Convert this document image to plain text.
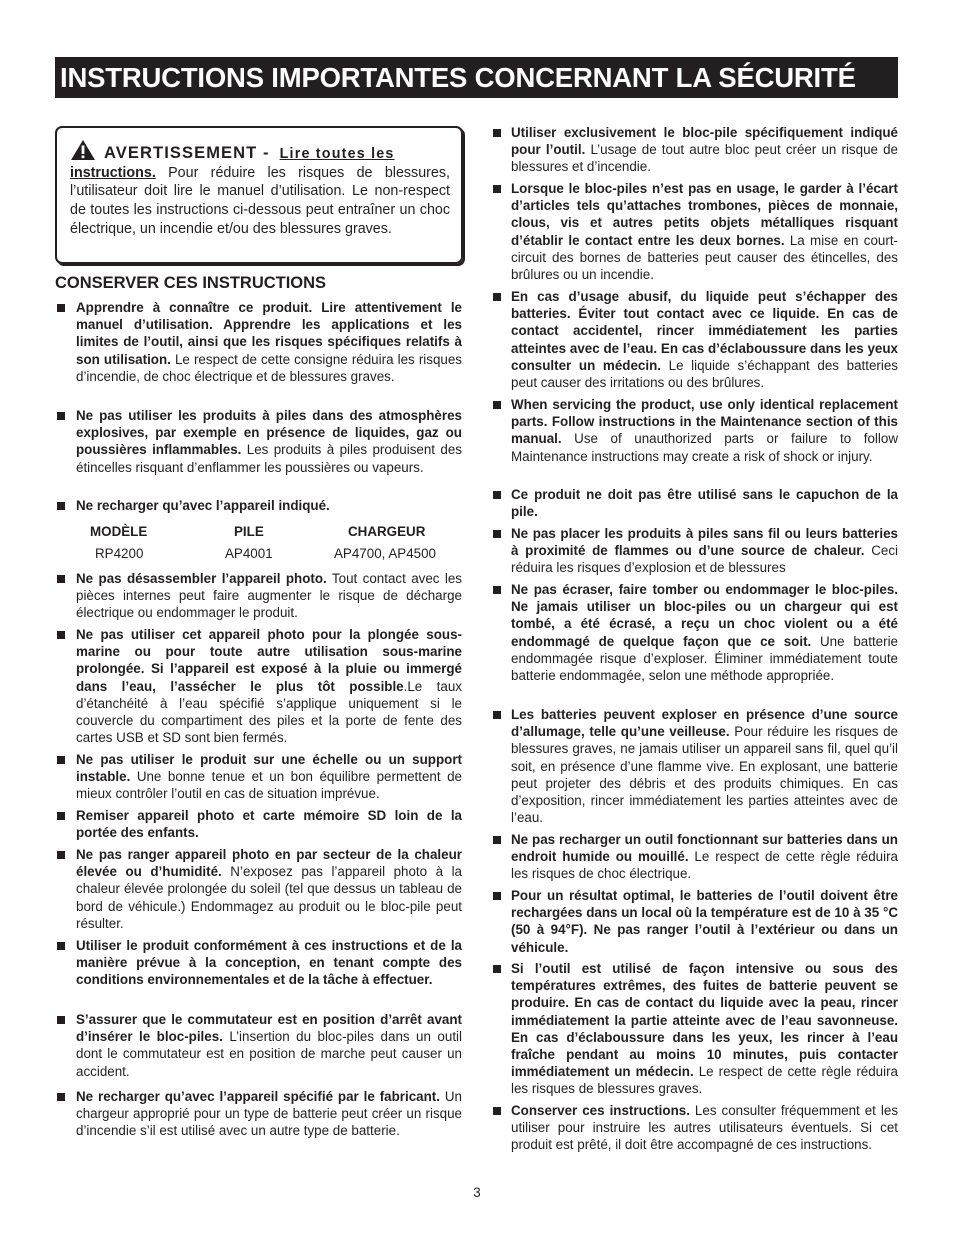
INSTRUCTIONS IMPORTANTES CONCERNANT LA SÉCURITÉ
AVERTISSEMENT - Lire toutes les
instructions. Pour réduire les risques de blessures, l’utilisateur doit lire le manuel d’utilisation. Le non-respect de toutes les instructions ci-dessous peut entraîner un choc électrique, un incendie et/ou des blessures graves.
CONSERVER CES INSTRUCTIONS
Apprendre à connaître ce produit. Lire attentivement le manuel d’utilisation. Apprendre les applications et les limites de l’outil, ainsi que les risques spécifiques relatifs à son utilisation. Le respect de cette consigne réduira les risques d’incendie, de choc électrique et de blessures graves.
Ne pas utiliser les produits à piles dans des atmosphères explosives, par exemple en présence de liquides, gaz ou poussières inflammables. Les produits à piles produisent des étincelles risquant d’enflammer les poussières ou vapeurs.
Ne recharger qu’avec l’appareil indiqué.
Ne pas désassembler l’appareil photo. Tout contact avec les pièces internes peut faire augmenter le risque de décharge électrique ou endommager le produit.
Ne pas utiliser cet appareil photo pour la plongée sous-marine ou pour toute autre utilisation sous-marine prolongée. Si l’appareil est exposé à la pluie ou immergé dans l’eau, l’assécher le plus tôt possible.Le taux d’étanchéité à l’eau spécifié s’applique uniquement si le couvercle du compartiment des piles et la porte de fente des cartes USB et SD sont bien fermés.
Ne pas utiliser le produit sur une échelle ou un support instable. Une bonne tenue et un bon équilibre permettent de mieux contrôler l’outil en cas de situation imprévue.
Remiser appareil photo et carte mémoire SD loin de la portée des enfants.
Ne pas ranger appareil photo en par secteur de la chaleur élevée ou d’humidité. N’exposez pas l’appareil photo à la chaleur élevée prolongée du soleil (tel que dessus un tableau de bord de véhicule.) Endommagez au produit ou le bloc-pile peut résulter.
Utiliser le produit conformément à ces instructions et de la manière prévue à la conception, en tenant compte des conditions environnementales et de la tâche à effectuer.
S’assurer que le commutateur est en position d’arrêt avant d’insérer le bloc-piles. L’insertion du bloc-piles dans un outil dont le commutateur est en position de marche peut causer un accident.
Ne recharger qu’avec l’appareil spécifié par le fabricant. Un chargeur approprié pour un type de batterie peut créer un risque d’incendie s’il est utilisé avec un autre type de batterie.
MODÈLE	PILE	CHARGEUR
RP4200	AP4001	AP4700, AP4500
Utiliser exclusivement le bloc-pile spécifiquement indiqué pour l’outil. L’usage de tout autre bloc peut créer un risque de blessures et d’incendie.
Lorsque le bloc-piles n’est pas en usage, le garder à l’écart d’articles tels qu’attaches trombones, pièces de monnaie, clous, vis et autres petits objets métalliques risquant d’établir le contact entre les deux bornes. La mise en court-circuit des bornes de batteries peut causer des étincelles, des brûlures ou un incendie.
En cas d’usage abusif, du liquide peut s’échapper des batteries. Éviter tout contact avec ce liquide. En cas de contact accidentel, rincer immédiatement les parties atteintes avec de l’eau. En cas d’éclaboussure dans les yeux consulter un médecin. Le liquide s’échappant des batteries peut causer des irritations ou des brûlures.
When servicing the product, use only identical replacement parts. Follow instructions in the Maintenance section of this manual. Use of unauthorized parts or failure to follow Maintenance instructions may create a risk of shock or injury.
Ce produit ne doit pas être utilisé sans le capuchon de la pile.
Ne pas placer les produits à piles sans fil ou leurs batteries à proximité de flammes ou d’une source de chaleur. Ceci réduira les risques d’explosion et de blessures
Ne pas écraser, faire tomber ou endommager le bloc-piles. Ne jamais utiliser un bloc-piles ou un chargeur qui est tombé, a été écrasé, a reçu un choc violent ou a été endommagé de quelque façon que ce soit. Une batterie endommagée risque d’exploser. Éliminer immédiatement toute batterie endommagée, selon une méthode appropriée.
Les batteries peuvent exploser en présence d’une source d’allumage, telle qu’une veilleuse. Pour réduire les risques de blessures graves, ne jamais utiliser un appareil sans fil, quel qu’il soit, en présence d’une flamme vive. En explosant, une batterie peut projeter des débris et des produits chimiques. En cas d’exposition, rincer immédiatement les parties atteintes avec de l’eau.
Ne pas recharger un outil fonctionnant sur batteries dans un endroit humide ou mouillé. Le respect de cette règle réduira les risques de choc électrique.
Pour un résultat optimal, le batteries de l’outil doivent être rechargées dans un local où la température est de 10 à 35 °C (50 à 94°F). Ne pas ranger l’outil à l’extérieur ou dans un véhicule.
Si l’outil est utilisé de façon intensive ou sous des températures extrêmes, des fuites de batterie peuvent se produire. En cas de contact du liquide avec la peau, rincer immédiatement la partie atteinte avec de l’eau savonneuse. En cas d’éclaboussure dans les yeux, les rincer à l’eau fraîche pendant au moins 10 minutes, puis contacter immédiatement un médecin. Le respect de cette règle réduira les risques de blessures graves.
Conserver ces instructions. Les consulter fréquemment et les utiliser pour instruire les autres utilisateurs éventuels. Si cet produit est prêté, il doit être accompagné de ces instructions.
3
